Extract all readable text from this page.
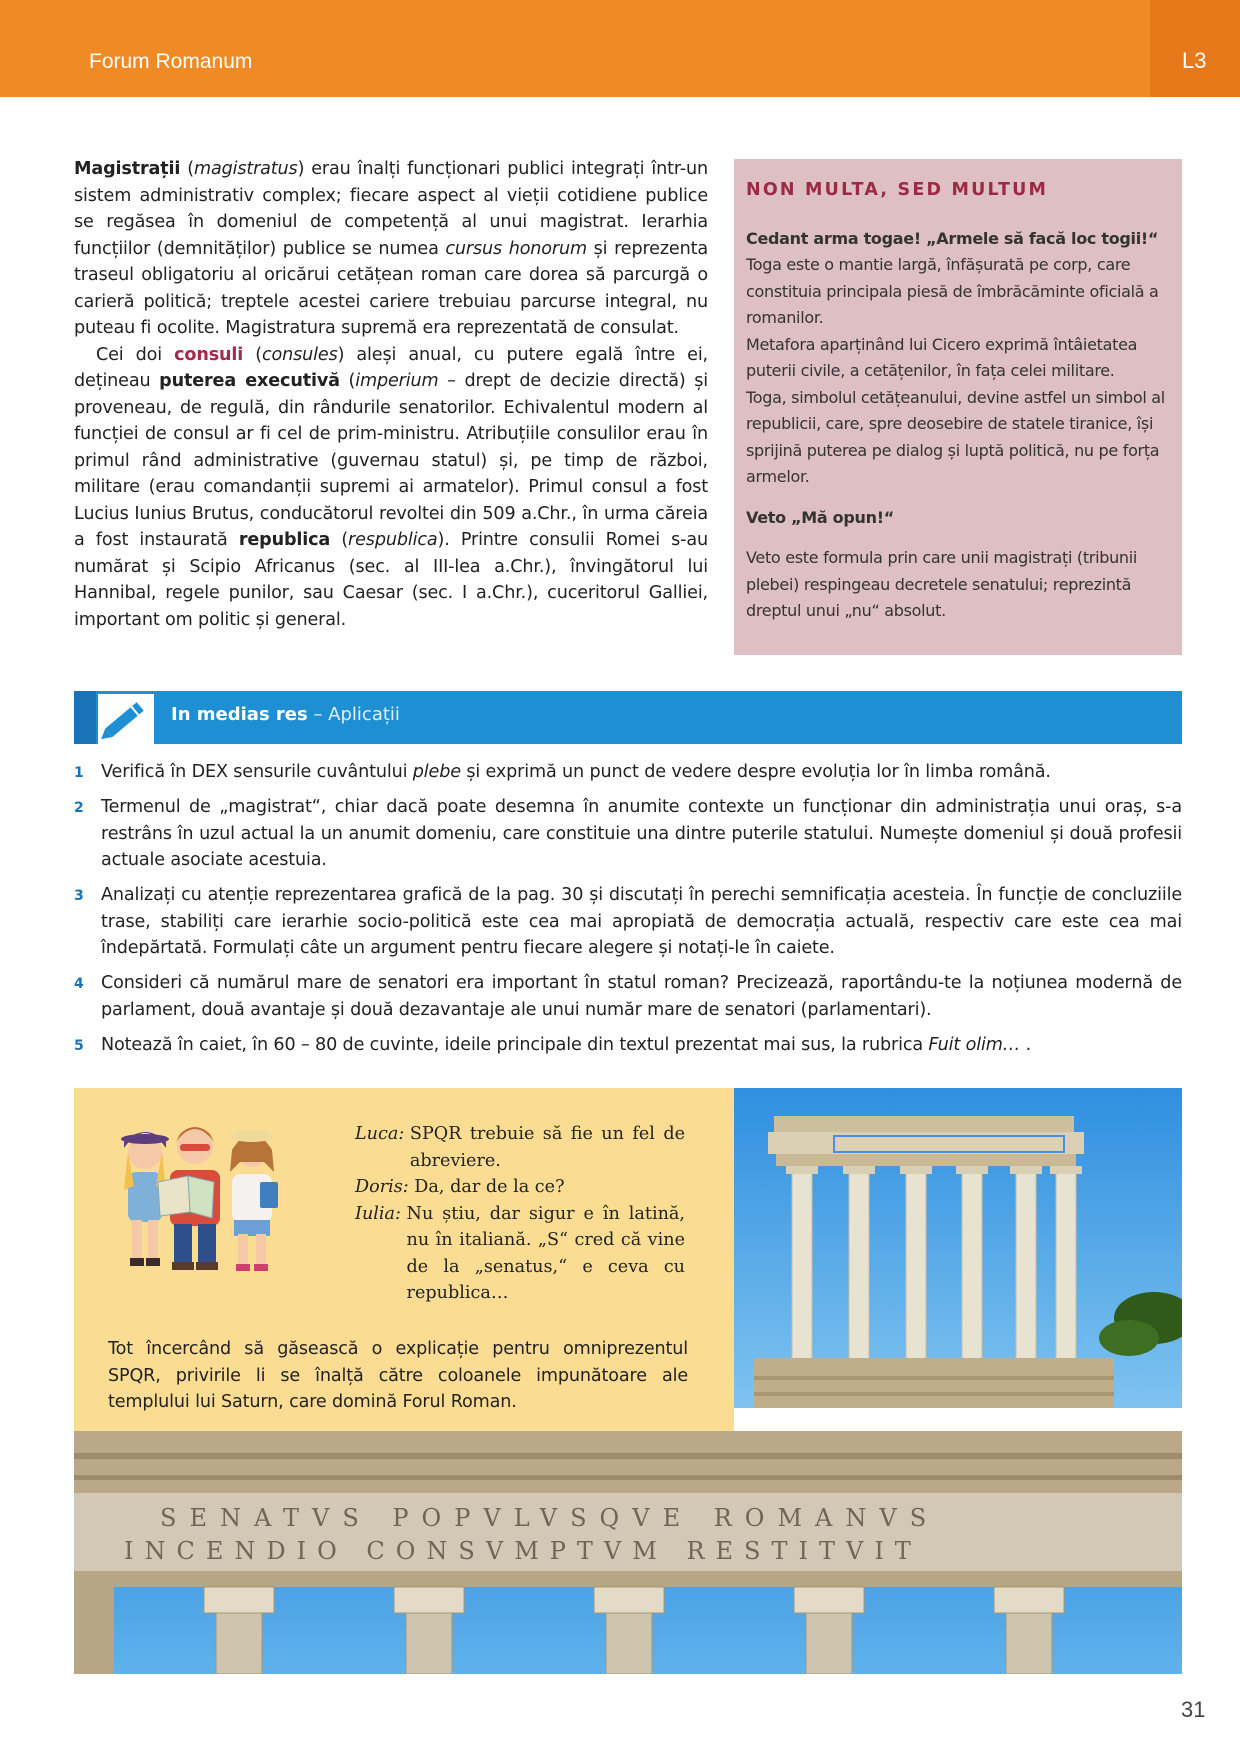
Forum Romanum	L3

Magistrații (magistratus) erau înalți funcționari publici integrați într-un sistem administrativ complex; fiecare aspect al vieții cotidiene publice se regăsea în domeniul de competență al unui magistrat. Ierarhia funcțiilor (demnităților) publice se numea cursus honorum și reprezenta traseul obligatoriu al oricărui cetățean roman care dorea să parcurgă o carieră politică; treptele acestei cariere trebuiau parcurse integral, nu puteau fi ocolite. Magistratura supremă era reprezentată de consulat.

Cei doi consuli (consules) aleși anual, cu putere egală între ei, dețineau puterea executivă (imperium – drept de decizie directă) și proveneau, de regulă, din rândurile senatorilor. Echivalentul modern al funcției de consul ar fi cel de prim-ministru. Atribuțiile consulilor erau în primul rând administrative (guvernau statul) și, pe timp de război, militare (erau comandanții supremi ai armatelor). Primul consul a fost Lucius Iunius Brutus, conducătorul revoltei din 509 a.Chr., în urma căreia a fost instaurată republica (respublica). Printre consulii Romei s-au numărat și Scipio Africanus (sec. al III-lea a.Chr.), învingătorul lui Hannibal, regele punilor, sau Caesar (sec. I a.Chr.), cuceritorul Galliei, important om politic și general.

NON MULTA, SED MULTUM

Cedant arma togae! „Armele să facă loc togii!“

Toga este o mantie largă, înfășurată pe corp, care constituia principala piesă de îmbrăcăminte oficială a romanilor.

Metafora aparținând lui Cicero exprimă întâietatea puterii civile, a cetățenilor, în fața celei militare.

Toga, simbolul cetățeanului, devine astfel un simbol al republicii, care, spre deosebire de statele tiranice, își sprijină puterea pe dialog și luptă politică, nu pe forța armelor.

Veto „Mă opun!“

Veto este formula prin care unii magistrați (tribunii plebei) respingeau decretele senatului; reprezintă dreptul unui „nu“ absolut.

In medias res – Aplicații
1 Verifică în DEX sensurile cuvântului plebe și exprimă un punct de vedere despre evoluția lor în limba română.
2 Termenul de „magistrat“, chiar dacă poate desemna în anumite contexte un funcționar din administrația unui oraș, s-a restrâns în uzul actual la un anumit domeniu, care constituie una dintre puterile statului. Numește domeniul și două profesii actuale asociate acestuia.
3 Analizați cu atenție reprezentarea grafică de la pag. 30 și discutați în perechi semnificația acesteia. În funcție de concluziile trase, stabiliți care ierarhie socio-politică este cea mai apropiată de democrația actuală, respectiv care este cea mai îndepărtată. Formulați câte un argument pentru fiecare alegere și notați-le în caiete.
4 Consideri că numărul mare de senatori era important în statul roman? Precizează, raportându-te la noțiunea modernă de parlament, două avantaje și două dezavantaje ale unui număr mare de senatori (parlamentari).
5 Notează în caiet, în 60 – 80 de cuvinte, ideile principale din textul prezentat mai sus, la rubrica Fuit olim… .
Luca: SPQR trebuie să fie un fel de abreviere.
Doris: Da, dar de la ce?
Iulia: Nu știu, dar sigur e în latină, nu în italiană. „S“ cred că vine de la „senatus,“ e ceva cu republica…
Tot încercând să găsească o explicație pentru omniprezentul SPQR, privirile li se înalță către coloanele impunătoare ale templului lui Saturn, care domină Forul Roman.
SENATVS POPVLVSQVE ROMANVS
INCENDIO CONSVMPTVM RESTITVIT
31
